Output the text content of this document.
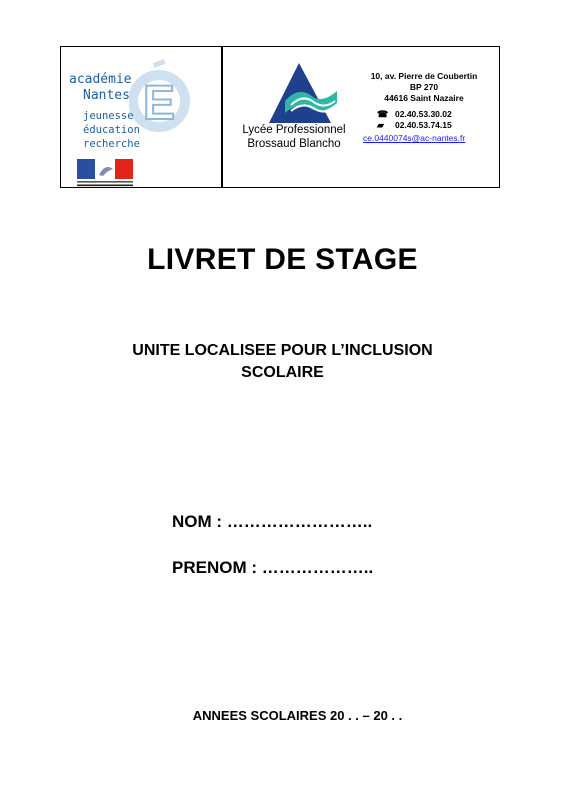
E
académie
Nantes
jeunesse
éducation
recherche
Lycée Professionnel
Brossaud Blancho
10, av. Pierre de Coubertin
BP 270
44616 Saint Nazaire
☎ 02.40.53.30.02
▰ 02.40.53.74.15
ce.0440074s@ac-nantes.fr
LIVRET DE STAGE
UNITE LOCALISEE POUR L’INCLUSION
SCOLAIRE
NOM : ……………………..
PRENOM : ………………..
ANNEES SCOLAIRES 20 . . – 20 . .
